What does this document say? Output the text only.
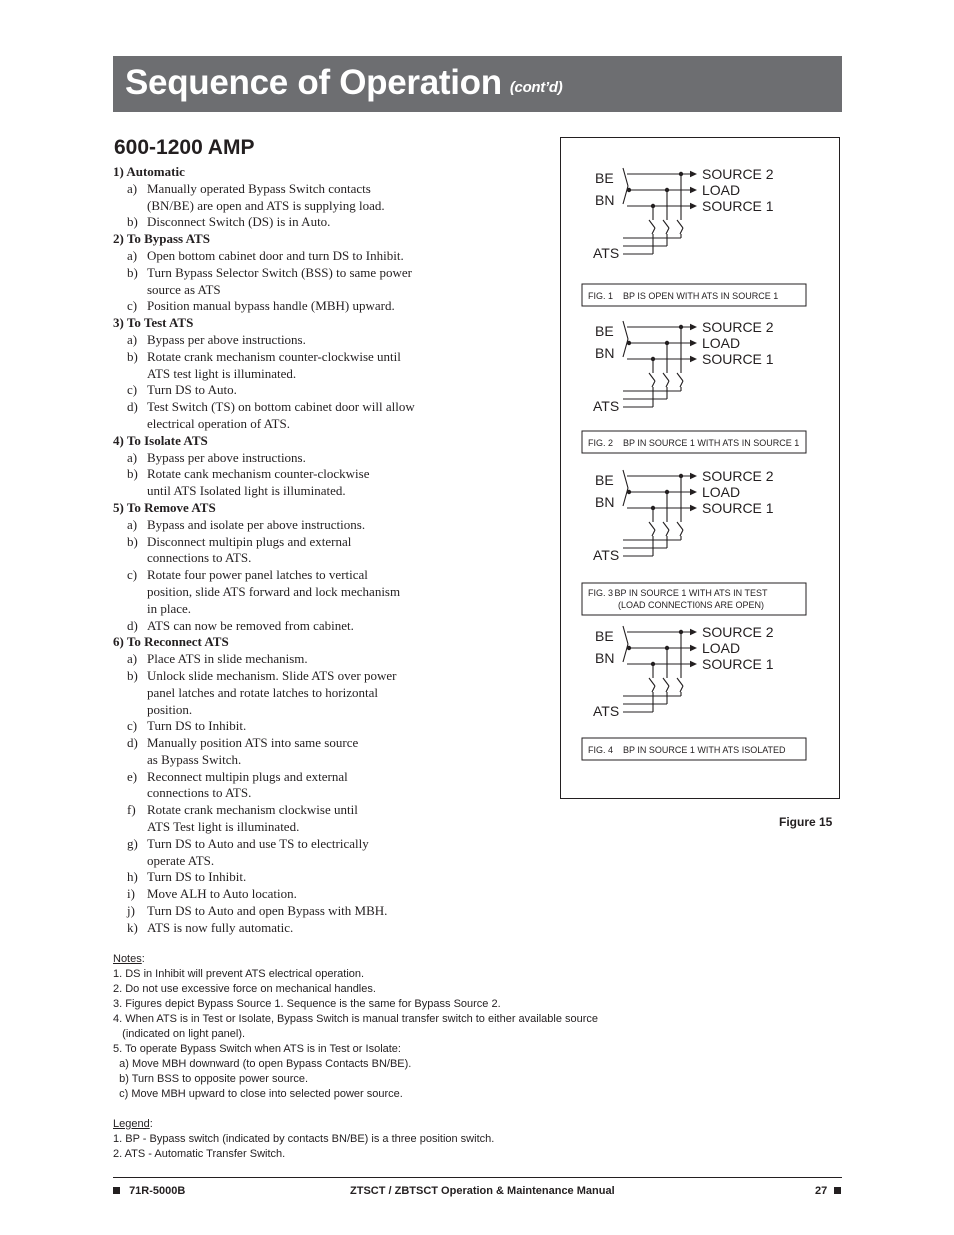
Sequence of Operation (cont’d)
600-1200 AMP
1) Automatic
a) Manually operated Bypass Switch contacts
(BN/BE) are open and ATS is supplying load.
b) Disconnect Switch (DS) is in Auto.
2) To Bypass ATS
a) Open bottom cabinet door and turn DS to Inhibit.
b) Turn Bypass Selector Switch (BSS) to same power
source as ATS
c) Position manual bypass handle (MBH) upward.
3) To Test ATS
a) Bypass per above instructions.
b) Rotate crank mechanism counter-clockwise until
ATS test light is illuminated.
c) Turn DS to Auto.
d) Test Switch (TS) on bottom cabinet door will allow
electrical operation of ATS.
4) To Isolate ATS
a) Bypass per above instructions.
b) Rotate cank mechanism counter-clockwise
until ATS Isolated light is illuminated.
5) To Remove ATS
a) Bypass and isolate per above instructions.
b) Disconnect multipin plugs and external
connections to ATS.
c) Rotate four power panel latches to vertical
position, slide ATS forward and lock mechanism
in place.
d) ATS can now be removed from cabinet.
6) To Reconnect ATS
a) Place ATS in slide mechanism.
b) Unlock slide mechanism. Slide ATS over power
panel latches and rotate latches to horizontal
position.
c) Turn DS to Inhibit.
d) Manually position ATS into same source
as Bypass Switch.
e) Reconnect multipin plugs and external
connections to ATS.
f) Rotate crank mechanism clockwise until
ATS Test light is illuminated.
g) Turn DS to Auto and use TS to electrically
operate ATS.
h) Turn DS to Inhibit.
i) Move ALH to Auto location.
j) Turn DS to Auto and open Bypass with MBH.
k) ATS is now fully automatic.
Notes:
1. DS in Inhibit will prevent ATS electrical operation.
2. Do not use excessive force on mechanical handles.
3. Figures depict Bypass Source 1. Sequence is the same for Bypass Source 2.
4. When ATS is in Test or Isolate, Bypass Switch is manual transfer switch to either available source
(indicated on light panel).
5. To operate Bypass Switch when ATS is in Test or Isolate:
a) Move MBH downward (to open Bypass Contacts BN/BE).
b) Turn BSS to opposite power source.
c) Move MBH upward to close into selected power source.
Legend:
1. BP - Bypass switch (indicated by contacts BN/BE) is a three position switch.
2. ATS - Automatic Transfer Switch.
BE
BN
ATS
SOURCE 2
LOAD
SOURCE 1
FIG. 1 BP IS OPEN WITH ATS IN SOURCE 1
BE
BN
ATS
SOURCE 2
LOAD
SOURCE 1
FIG. 2 BP IN SOURCE 1 WITH ATS IN SOURCE 1
BE
BN
ATS
SOURCE 2
LOAD
SOURCE 1
FIG. 3 BP IN SOURCE 1 WITH ATS IN TEST
(LOAD CONNECTI0NS ARE OPEN)
BE
BN
ATS
SOURCE 2
LOAD
SOURCE 1
FIG. 4 BP IN SOURCE 1 WITH ATS ISOLATED
Figure 15
71R-5000B	ZTSCT / ZBTSCT Operation & Maintenance Manual	27
